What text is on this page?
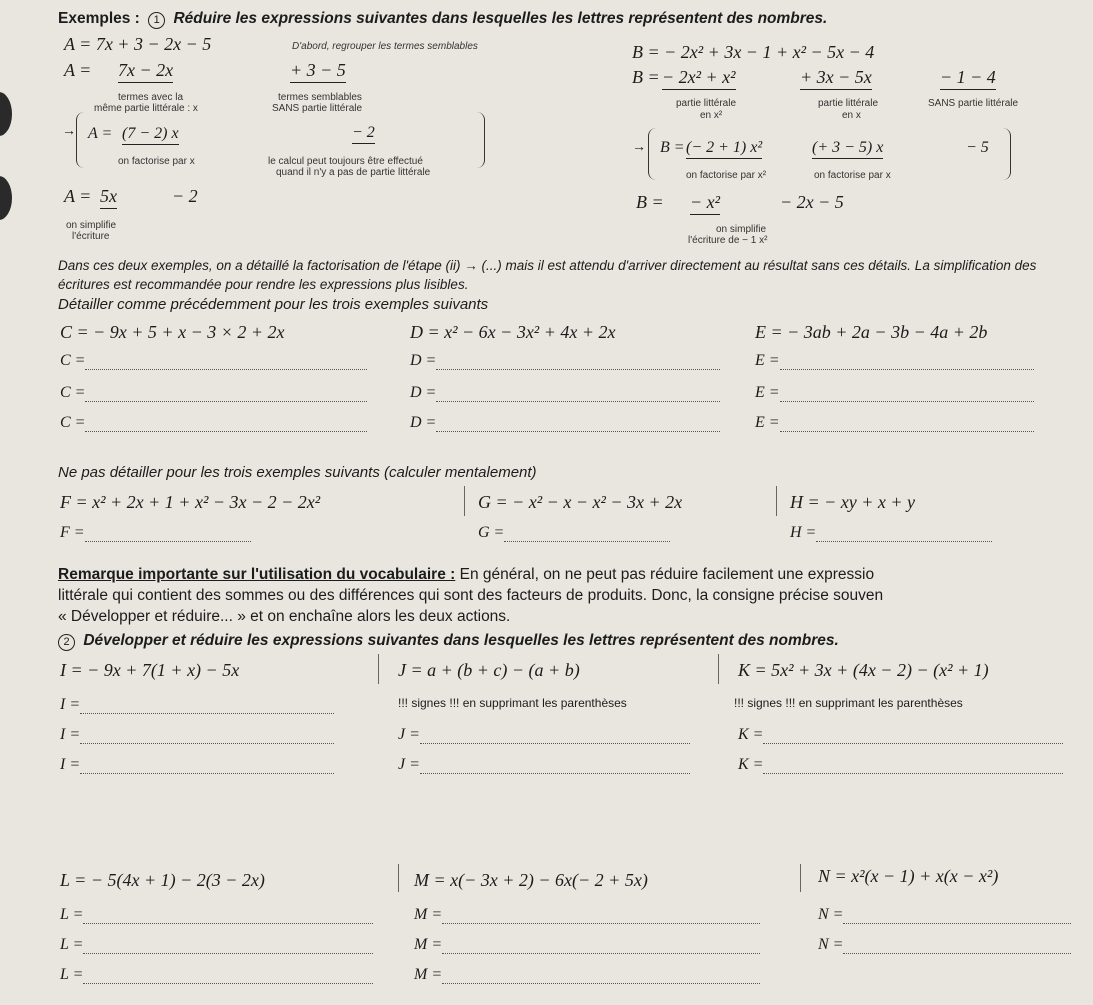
Exemples : 1 Réduire les expressions suivantes dans lesquelles les lettres représentent des nombres.
A = 7x + 3 − 2x − 5	D'abord, regrouper les termes semblables
A = 7x − 2x	+ 3 − 5
termes avec la
même partie littérale : x
termes semblables
SANS partie littérale
→ A = (7 − 2) x	− 2
on factorise par x	le calcul peut toujours être effectué
quand il n'y a pas de partie littérale
A = 5x	− 2
on simplifie
l'écriture
B = − 2x² + 3x − 1 + x² − 5x − 4
B = − 2x² + x²	+ 3x − 5x	− 1 − 4
partie littérale
en x²
partie littérale
en x
SANS partie littérale
→ B = (− 2 + 1) x²	(+ 3 − 5) x	− 5
on factorise par x²	on factorise par x
B = − x²	− 2x − 5
on simplifie
l'écriture de − 1 x²
Dans ces deux exemples, on a détaillé la factorisation de l'étape (ii) → (...) mais il est attendu d'arriver directement au résultat sans ces détails. La simplification des écritures est recommandée pour rendre les expressions plus lisibles.
Détailler comme précédemment pour les trois exemples suivants
C = − 9x + 5 + x − 3 × 2 + 2x	D = x² − 6x − 3x² + 4x + 2x	E = − 3ab + 2a − 3b − 4a + 2b
C =	D =	E =
C =	D =	E =
C =	D =	E =
Ne pas détailler pour les trois exemples suivants (calculer mentalement)
F = x² + 2x + 1 + x² − 3x − 2 − 2x²	G = − x² − x − x² − 3x + 2x	H = − xy + x + y
F =	G =	H =
Remarque importante sur l'utilisation du vocabulaire : En général, on ne peut pas réduire facilement une expressio
littérale qui contient des sommes ou des différences qui sont des facteurs de produits. Donc, la consigne précise souven
« Développer et réduire... » et on enchaîne alors les deux actions.
2 Développer et réduire les expressions suivantes dans lesquelles les lettres représentent des nombres.
I = − 9x + 7(1 + x) − 5x	J = a + (b + c) − (a + b)	K = 5x² + 3x + (4x − 2) − (x² + 1)
I =	!!! signes !!! en supprimant les parenthèses	!!! signes !!! en supprimant les parenthèses
I =	J =	K =
I =	J =	K =
L = − 5(4x + 1) − 2(3 − 2x)	M = x(− 3x + 2) − 6x(− 2 + 5x)	N = x²(x − 1) + x(x − x²)
L =	M =	N =
L =	M =	N =
L =	M =
